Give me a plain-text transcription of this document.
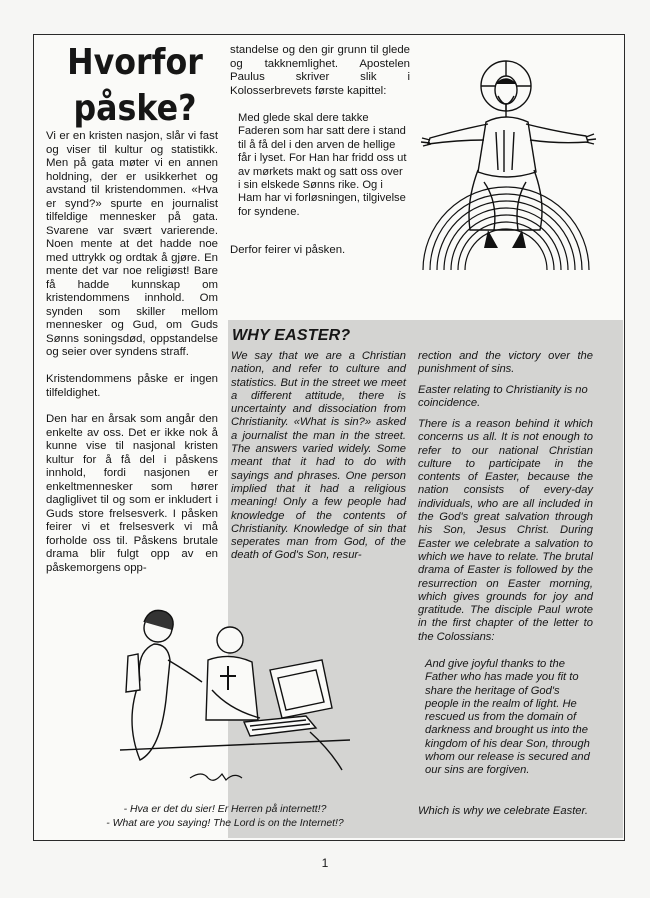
Hvorfor påske?

Vi er en kristen nasjon, slår vi fast og viser til kultur og statistikk. Men på gata møter vi en annen holdning, der er usikkerhet og avstand til kristendommen. «Hva er synd?» spurte en journalist tilfeldige mennesker på gata. Svarene var svært varierende. Noen mente at det hadde noe med uttrykk og ordtak å gjøre. En mente det var noe religiøst! Bare få hadde kunnskap om kristendommens innhold. Om synden som skiller mellom mennesker og Gud, om Guds Sønns soningsdød, oppstandelse og seier over syndens straff.

Kristendommens påske er ingen tilfeldighet.

Den har en årsak som angår den enkelte av oss. Det er ikke nok å kunne vise til nasjonal kristen kultur for å få del i påskens innhold, fordi nasjonen er enkeltmennesker som hører dagliglivet til og som er inkludert i Guds store frelsesverk. I påsken feirer vi et frelsesverk vi må forholde oss til. Påskens brutale drama blir fulgt opp av en påskemorgens opp-

standelse og den gir grunn til glede og takknemlighet. Apostelen Paulus skriver slik i Kolosserbrevets første kapittel:

Med glede skal dere takke Faderen som har satt dere i stand til å få del i den arven de hellige får i lyset. For Han har fridd oss ut av mørkets makt og satt oss over i sin elskede Sønns rike. Og i Ham har vi forløsningen, tilgivelse for syndene.

Derfor feirer vi påsken.

WHY EASTER?

We say that we are a Christian nation, and refer to culture and statistics. But in the street we meet a different attitude, there is uncertainty and dissociation from Christianity. «What is sin?» asked a journalist the man in the street. The answers varied widely. Some meant that it had to do with sayings and phrases. One person implied that it had a religious meaning! Only a few people had knowledge of the contents of Christianity. Knowledge of sin that seperates man from God, of the death of God's Son, resur-

rection and the victory over the punishment of sins.

Easter relating to Christianity is no coincidence.

There is a reason behind it which concerns us all. It is not enough to refer to our national Christian culture to participate in the contents of Easter, because the nation consists of every-day individuals, who are all included in the God's great salvation through his Son, Jesus Christ. During Easter we celebrate a salvation to which we have to relate. The brutal drama of Easter is followed by the resurrection on Easter morning, which gives grounds for joy and gratitude. The disciple Paul wrote in the first chapter of the letter to the Colossians:

And give joyful thanks to the Father who has made you fit to share the heritage of God's people in the realm of light. He rescued us from the domain of darkness and brought us into the kingdom of his dear Son, through whom our release is secured and our sins are forgiven.

Which is why we celebrate Easter.

- Hva er det du sier! Er Herren på internett!?

- What are you saying! The Lord is on the Internet!?

1
